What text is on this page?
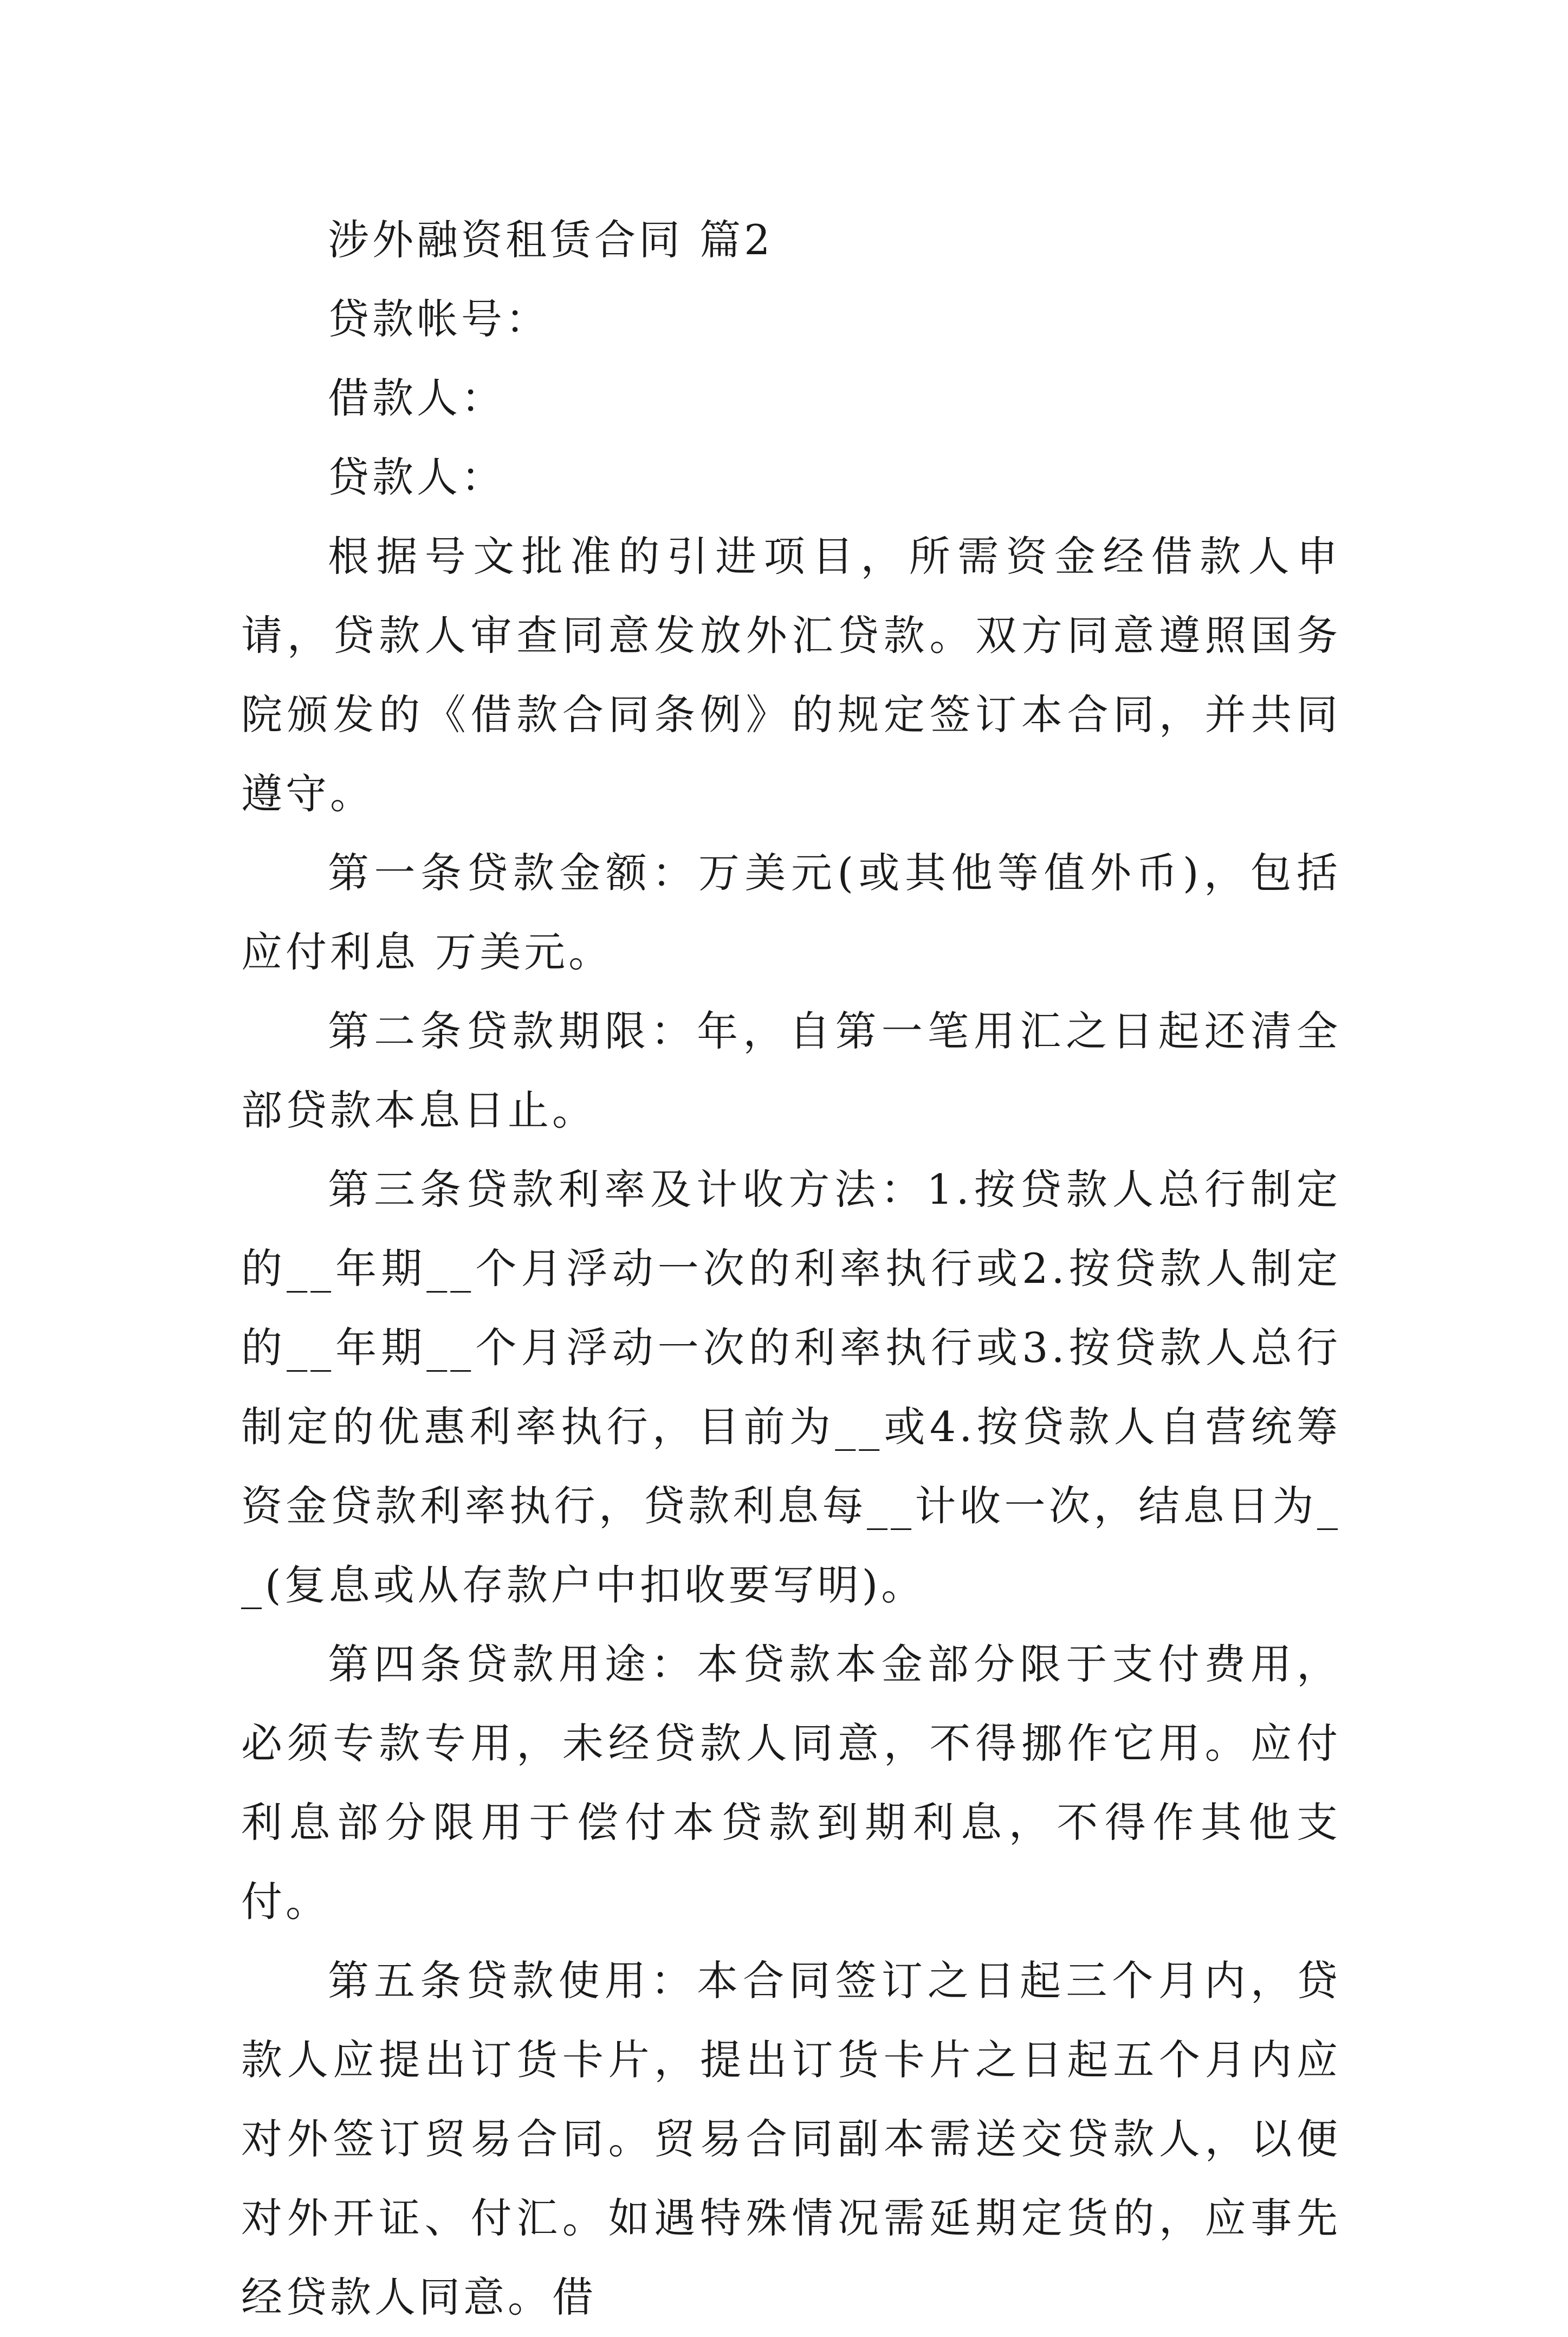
涉外融资租赁合同 篇2

贷款帐号：

借款人：

贷款人：

根据号文批准的引进项目，所需资金经借款人申请，贷款人审查同意发放外汇贷款。双方同意遵照国务院颁发的《借款合同条例》的规定签订本合同，并共同遵守。

第一条贷款金额：万美元(或其他等值外币)，包括应付利息 万美元。

第二条贷款期限：年，自第一笔用汇之日起还清全部贷款本息日止。

第三条贷款利率及计收方法：1.按贷款人总行制定的__年期__个月浮动一次的利率执行或2.按贷款人制定的__年期__个月浮动一次的利率执行或3.按贷款人总行制定的优惠利率执行，目前为__或4.按贷款人自营统筹资金贷款利率执行，贷款利息每__计收一次，结息日为__(复息或从存款户中扣收要写明)。

第四条贷款用途：本贷款本金部分限于支付费用，必须专款专用，未经贷款人同意，不得挪作它用。应付利息部分限用于偿付本贷款到期利息，不得作其他支付。

第五条贷款使用：本合同签订之日起三个月内，贷款人应提出订货卡片，提出订货卡片之日起五个月内应对外签订贸易合同。贸易合同副本需送交贷款人，以便对外开证、付汇。如遇特殊情况需延期定货的，应事先经贷款人同意。借
